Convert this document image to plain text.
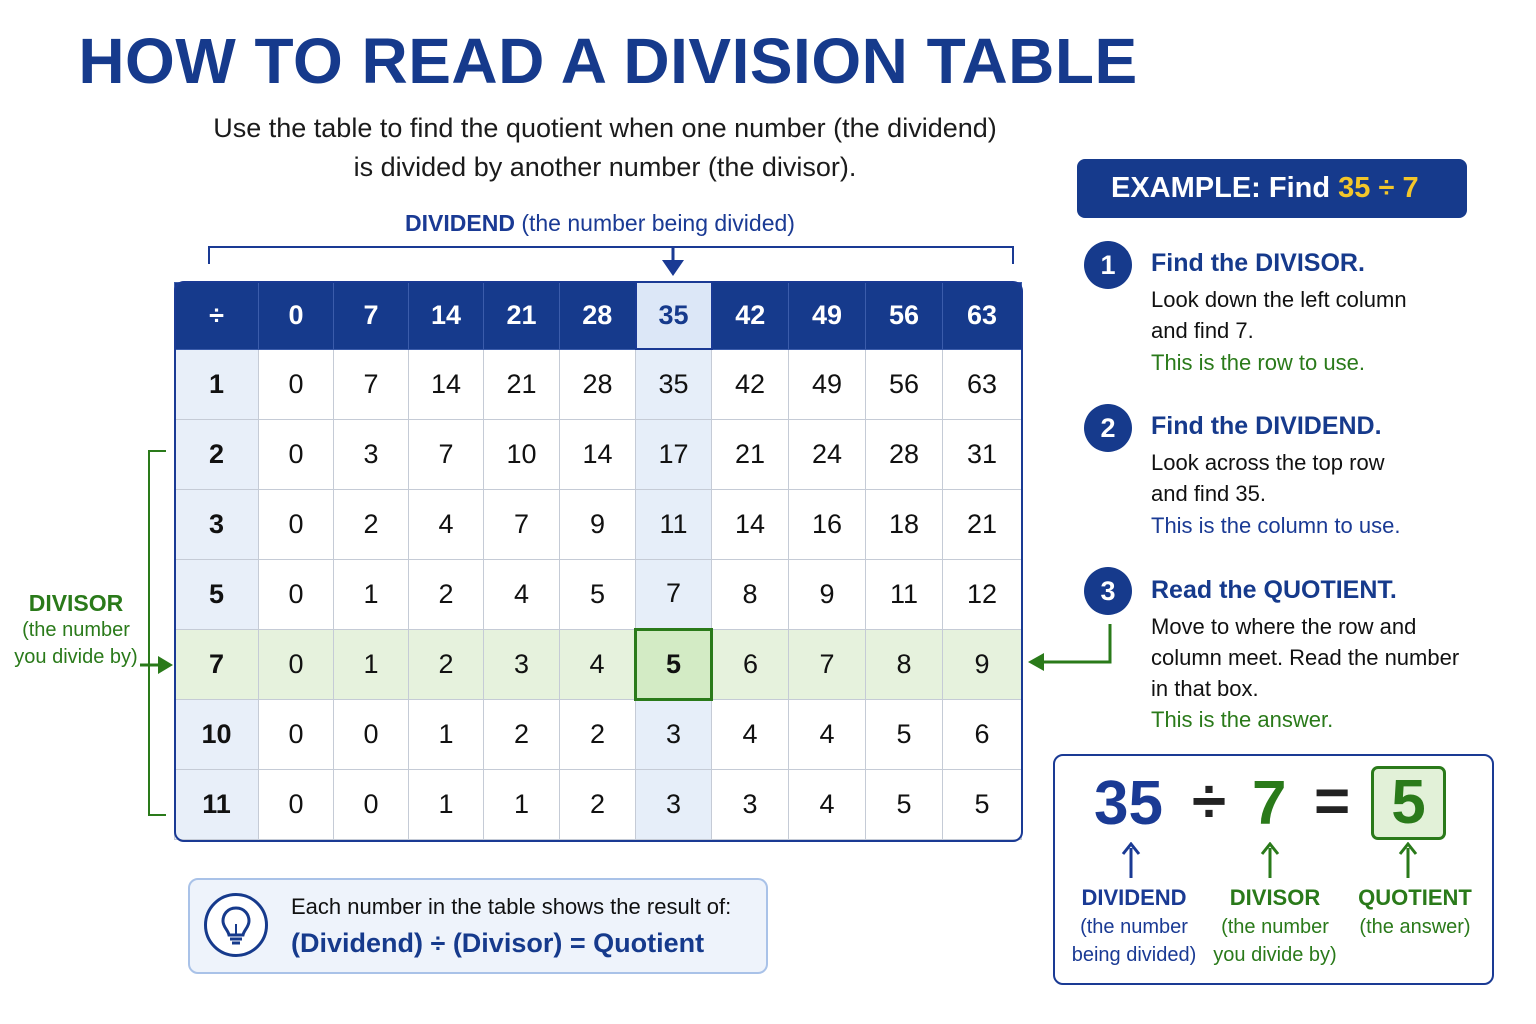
HOW TO READ A DIVISION TABLE
Use the table to find the quotient when one number (the dividend)
is divided by another number (the divisor).
DIVIDEND (the number being divided)
÷	0	7	14	21	28	35	42	49	56	63
1	0	7	14	21	28	35	42	49	56	63
2	0	3	7	10	14	17	21	24	28	31
3	0	2	4	7	9	11	14	16	18	21
5	0	1	2	4	5	7	8	9	11	12
7	0	1	2	3	4	5	6	7	8	9
10	0	0	1	2	2	3	4	4	5	6
11	0	0	1	1	2	3	3	4	5	5
DIVISOR
(the number
you divide by)
EXAMPLE: Find 35 ÷ 7
1	Find the DIVISOR.
Look down the left column
and find 7.
This is the row to use.
2	Find the DIVIDEND.
Look across the top row
and find 35.
This is the column to use.
3	Read the QUOTIENT.
Move to where the row and
column meet. Read the number
in that box.
This is the answer.
35 ÷ 7 = 5
DIVIDEND
(the number
being divided)
DIVISOR
(the number
you divide by)
QUOTIENT
(the answer)
Each number in the table shows the result of:
(Dividend) ÷ (Divisor) = Quotient
